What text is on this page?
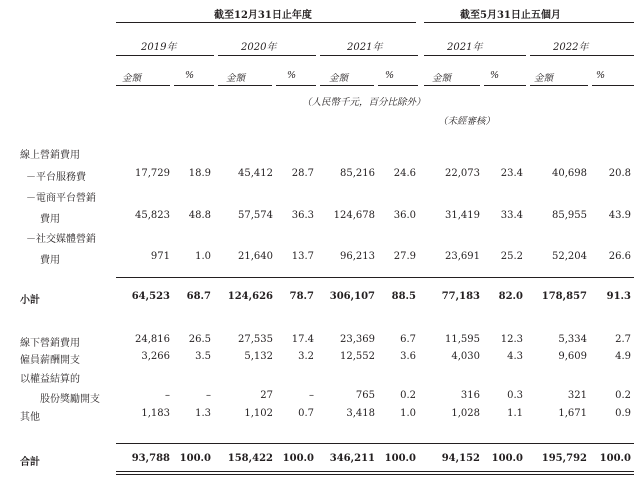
截至12月31日止年度	截至5月31日止五個月
2019年	2020年	2021年	2021年	2022年
金額	%	金額	%	金額	%	金額	%	金額	%
（人民幣千元，百分比除外）
（未經審核）
線上營銷費用
－平台服務費	17,729	18.9	45,412	28.7	85,216	24.6	22,073	23.4	40,698	20.8
－電商平台營銷
費用	45,823	48.8	57,574	36.3	124,678	36.0	31,419	33.4	85,955	43.9
－社交媒體營銷
費用	971	1.0	21,640	13.7	96,213	27.9	23,691	25.2	52,204	26.6
小計	64,523	68.7	124,626	78.7	306,107	88.5	77,183	82.0	178,857	91.3
線下營銷費用	24,816	26.5	27,535	17.4	23,369	6.7	11,595	12.3	5,334	2.7
僱員薪酬開支	3,266	3.5	5,132	3.2	12,552	3.6	4,030	4.3	9,609	4.9
以權益結算的
股份獎勵開支	–	–	27	–	765	0.2	316	0.3	321	0.2
其他	1,183	1.3	1,102	0.7	3,418	1.0	1,028	1.1	1,671	0.9
合計	93,788 100.0	158,422 100.0	346,211 100.0	94,152	100.0	195,792	100.0
